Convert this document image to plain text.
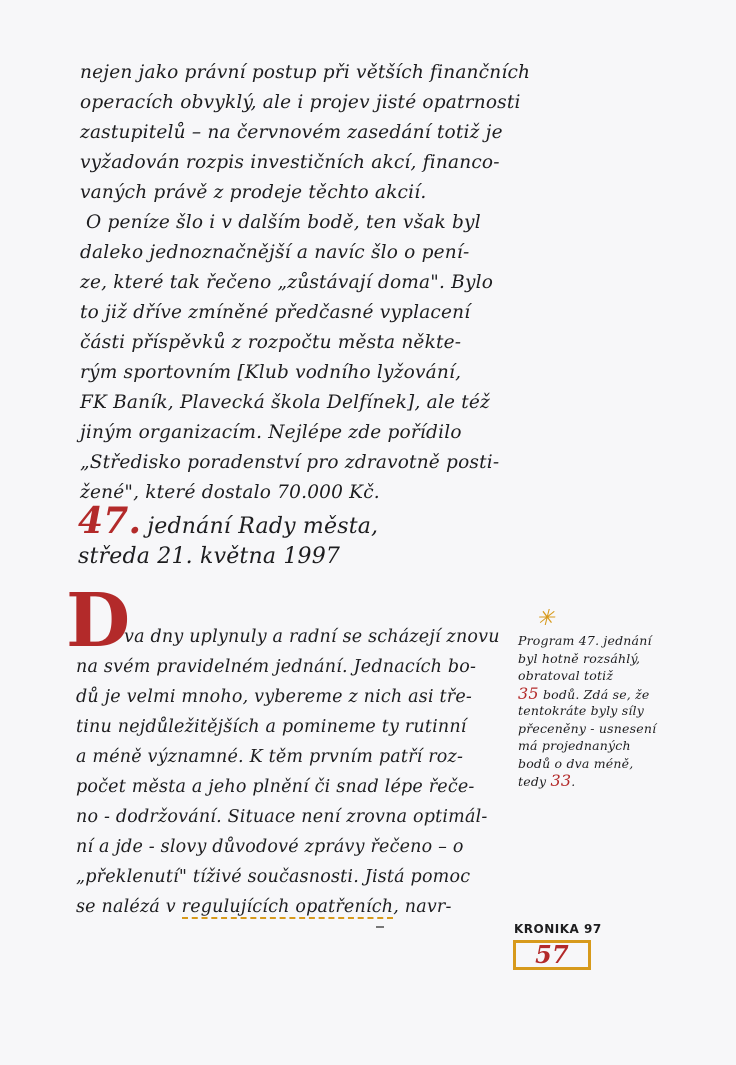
nejen jako právní postup při větších finančních
operacích obvyklý, ale i projev jisté opatrnosti
zastupitelů – na červnovém zasedání totiž je
vyžadován rozpis investičních akcí, financo-
vaných právě z prodeje těchto akcií.
O peníze šlo i v dalším bodě, ten však byl
daleko jednoznačnější a navíc šlo o pení-
ze, které tak řečeno „zůstávají doma". Bylo
to již dříve zmíněné předčasné vyplacení
části příspěvků z rozpočtu města někte-
rým sportovním [Klub vodního lyžování,
FK Baník, Plavecká škola Delfínek], ale též
jiným organizacím. Nejlépe zde pořídilo
„Středisko poradenství pro zdravotně posti-
žené", které dostalo 70.000 Kč.
47. jednání Rady města,
středa 21. května 1997
D
va dny uplynuly a radní se scházejí znovu
na svém pravidelném jednání. Jednacích bo-
dů je velmi mnoho, vybereme z nich asi tře-
tinu nejdůležitějších a pomineme ty rutinní
a méně významné. K těm prvním patří roz-
počet města a jeho plnění či snad lépe řeče-
no - dodržování. Situace není zrovna optimál-
ní a jde - slovy důvodové zprávy řečeno – o
„překlenutí" tíživé současnosti. Jistá pomoc
se nalézá v regulujících opatřeních, navr-
✳
Program 47. jednání
byl hotně rozsáhlý,
obratoval totiž
35 bodů. Zdá se, že
tentokráte byly síly
přeceněny - usnesení
má projednaných
bodů o dva méně,
tedy 33.
KRONIKA 97
57
